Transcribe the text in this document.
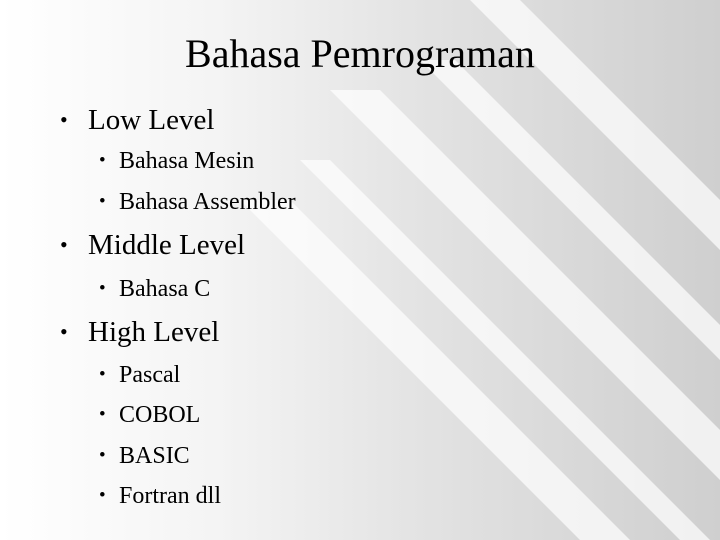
Bahasa Pemrograman
• Low Level
• Bahasa Mesin
• Bahasa Assembler
• Middle Level
• Bahasa C
• High Level
• Pascal
• COBOL
• BASIC
• Fortran dll
